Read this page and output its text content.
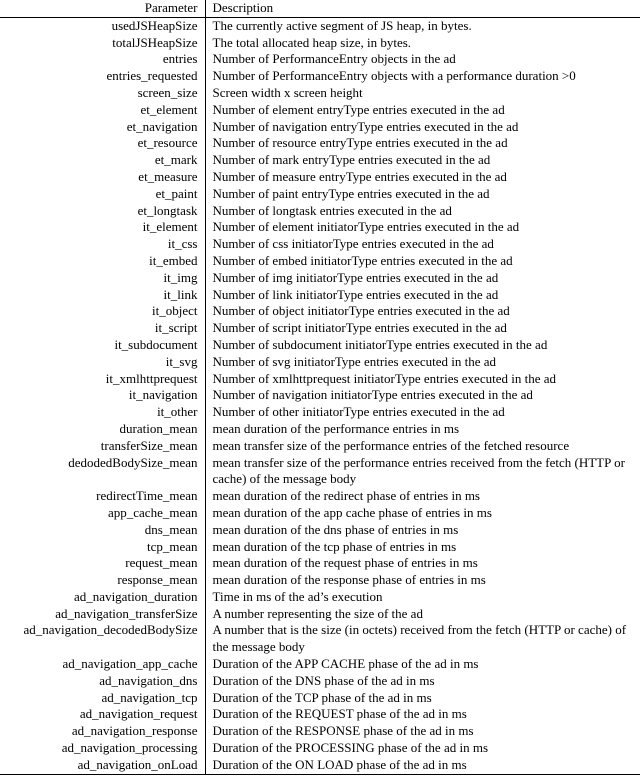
Parameter	Description
usedJSHeapSize	The currently active segment of JS heap, in bytes.
totalJSHeapSize	The total allocated heap size, in bytes.
entries	Number of PerformanceEntry objects in the ad
entries_requested	Number of PerformanceEntry objects with a performance duration >0
screen_size	Screen width x screen height
et_element	Number of element entryType entries executed in the ad
et_navigation	Number of navigation entryType entries executed in the ad
et_resource	Number of resource entryType entries executed in the ad
et_mark	Number of mark entryType entries executed in the ad
et_measure	Number of measure entryType entries executed in the ad
et_paint	Number of paint entryType entries executed in the ad
et_longtask	Number of longtask entries executed in the ad
it_element	Number of element initiatorType entries executed in the ad
it_css	Number of css initiatorType entries executed in the ad
it_embed	Number of embed initiatorType entries executed in the ad
it_img	Number of img initiatorType entries executed in the ad
it_link	Number of link initiatorType entries executed in the ad
it_object	Number of object initiatorType entries executed in the ad
it_script	Number of script initiatorType entries executed in the ad
it_subdocument	Number of subdocument initiatorType entries executed in the ad
it_svg	Number of svg initiatorType entries executed in the ad
it_xmlhttprequest	Number of xmlhttprequest initiatorType entries executed in the ad
it_navigation	Number of navigation initiatorType entries executed in the ad
it_other	Number of other initiatorType entries executed in the ad
duration_mean	mean duration of the performance entries in ms
transferSize_mean	mean transfer size of the performance entries of the fetched resource
dedodedBodySize_mean	mean transfer size of the performance entries received from the fetch (HTTP or cache) of the message body
redirectTime_mean	mean duration of the redirect phase of entries in ms
app_cache_mean	mean duration of the app cache phase of entries in ms
dns_mean	mean duration of the dns phase of entries in ms
tcp_mean	mean duration of the tcp phase of entries in ms
request_mean	mean duration of the request phase of entries in ms
response_mean	mean duration of the response phase of entries in ms
ad_navigation_duration	Time in ms of the ad’s execution
ad_navigation_transferSize	A number representing the size of the ad
ad_navigation_decodedBodySize	A number that is the size (in octets) received from the fetch (HTTP or cache) of the message body
ad_navigation_app_cache	Duration of the APP CACHE phase of the ad in ms
ad_navigation_dns	Duration of the DNS phase of the ad in ms
ad_navigation_tcp	Duration of the TCP phase of the ad in ms
ad_navigation_request	Duration of the REQUEST phase of the ad in ms
ad_navigation_response	Duration of the RESPONSE phase of the ad in ms
ad_navigation_processing	Duration of the PROCESSING phase of the ad in ms
ad_navigation_onLoad	Duration of the ON LOAD phase of the ad in ms
